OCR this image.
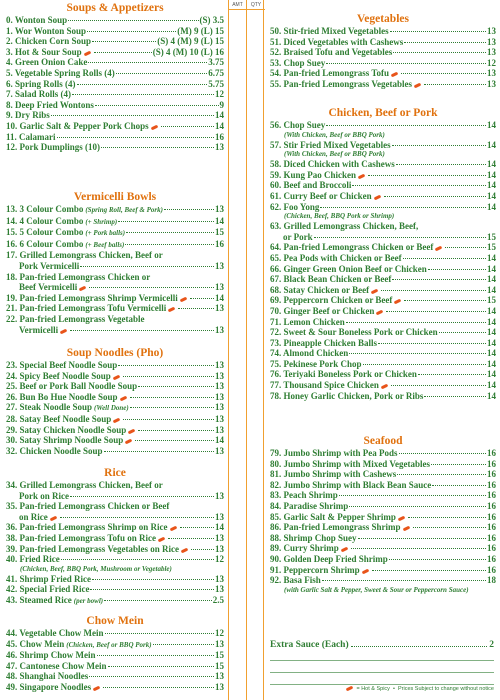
Soups & Appetizers
0. Wonton Soup	(S) 3.5
1. Wor Wonton Soup	(M) 9 (L) 15
2. Chicken Corn Soup	(S) 4 (M) 9 (L) 15
3. Hot & Sour Soup	(S) 4 (M) 10 (L) 16
4. Green Onion Cake	3.75
5. Vegetable Spring Rolls (4)	6.75
6. Spring Rolls (4)	5.75
7. Salad Rolls (4)	12
8. Deep Fried Wontons	9
9. Dry Ribs	14
10. Garlic Salt & Pepper Pork Chops	14
11. Calamari	16
12. Pork Dumplings (10)	13
Vermicelli Bowls
13. 3 Colour Combo (Spring Roll, Beef & Pork)	13
14. 4 Colour Combo (+ Shrimp)	14
15. 5 Colour Combo (+ Pork balls)	15
16. 6 Colour Combo (+ Beef balls)	16
17. Grilled Lemongrass Chicken, Beef or
Pork Vermicelli	13
18. Pan-fried Lemongrass Chicken or
Beef Vermicelli	13
19. Pan-fried Lemongrass Shrimp Vermicelli	14
21. Pan-fried Lemongrass Tofu Vermicelli	13
22. Pan-fried Lemongrass Vegetable
Vermicelli	13
Soup Noodles (Pho)
23. Special Beef Noodle Soup	13
24. Spicy Beef Noodle Soup	13
25. Beef or Pork Ball Noodle Soup	13
26. Bun Bo Hue Noodle Soup	13
27. Steak Noodle Soup (Well Done)	13
28. Satay Beef Noodle Soup	13
29. Satay Chicken Noodle Soup	13
30. Satay Shrimp Noodle Soup	14
32. Chicken Noodle Soup	13
Rice
34. Grilled Lemongrass Chicken, Beef or
Pork on Rice	13
35. Pan-fried Lemongrass Chicken or Beef
on Rice	13
36. Pan-fried Lemongrass Shrimp on Rice	14
38. Pan-fried Lemongrass Tofu on Rice	13
39. Pan-fried Lemongrass Vegetables on Rice	13
40. Fried Rice	12
(Chicken, Beef, BBQ Pork, Mushroom or Vegetable)
41. Shrimp Fried Rice	13
42. Special Fried Rice	13
43. Steamed Rice (per bowl)	2.5
Chow Mein
44. Vegetable Chow Mein	12
45. Chow Mein (Chicken, Beef or BBQ Pork)	13
46. Shrimp Chow Mein	15
47. Cantonese Chow Mein	15
48. Shanghai Noodles	13
49. Singapore Noodles	13
AMT	QTY
Extra Sauce (Each)	2
= Hot & Spicy  •  Prices Subject to change without notice
Vegetables
50. Stir-fried Mixed Vegetables	13
51. Diced Vegetables with Cashews	13
52. Braised Tofu and Vegetables	13
53. Chop Suey	12
54. Pan-fried Lemongrass Tofu	13
55. Pan-fried Lemongrass Vegetables	13
Chicken, Beef or Pork
56. Chop Suey	14
(With Chicken, Beef or BBQ Pork)
57. Stir Fried Mixed Vegetables	14
(With Chicken, Beef or BBQ Pork)
58. Diced Chicken with Cashews	14
59. Kung Pao Chicken	14
60. Beef and Broccoli	14
61. Curry Beef or Chicken	14
62. Foo Yong	14
(Chicken, Beef, BBQ Pork or Shrimp)
63. Grilled Lemongrass Chicken, Beef,
or Pork	15
64. Pan-fried Lemongrass Chicken or Beef	15
65. Pea Pods with Chicken or Beef	14
66. Ginger Green Onion Beef or Chicken	14
67. Black Bean Chicken or Beef	14
68. Satay Chicken or Beef	14
69. Peppercorn Chicken or Beef	15
70. Ginger Beef or Chicken	14
71. Lemon Chicken	14
72. Sweet & Sour Boneless Pork or Chicken	14
73. Pineapple Chicken Balls	14
74. Almond Chicken	14
75. Pekinese Pork Chop	14
76. Teriyaki Boneless Pork or Chicken	14
77. Thousand Spice Chicken	14
78. Honey Garlic Chicken, Pork or Ribs	14
Seafood
79. Jumbo Shrimp with Pea Pods	16
80. Jumbo Shrimp with Mixed Vegetables	16
81. Jumbo Shrimp with Cashews	16
82. Jumbo Shrimp with Black Bean Sauce	16
83. Peach Shrimp	16
84. Paradise Shrimp	16
85. Garlic Salt & Pepper Shrimp	16
86. Pan-fried Lemongrass Shrimp	16
88. Shrimp Chop Suey	16
89. Curry Shrimp	16
90. Golden Deep Fried Shrimp	16
91. Peppercorn Shrimp	16
92. Basa Fish	18
(with Garlic Salt & Pepper, Sweet & Sour or Peppercorn Sauce)
